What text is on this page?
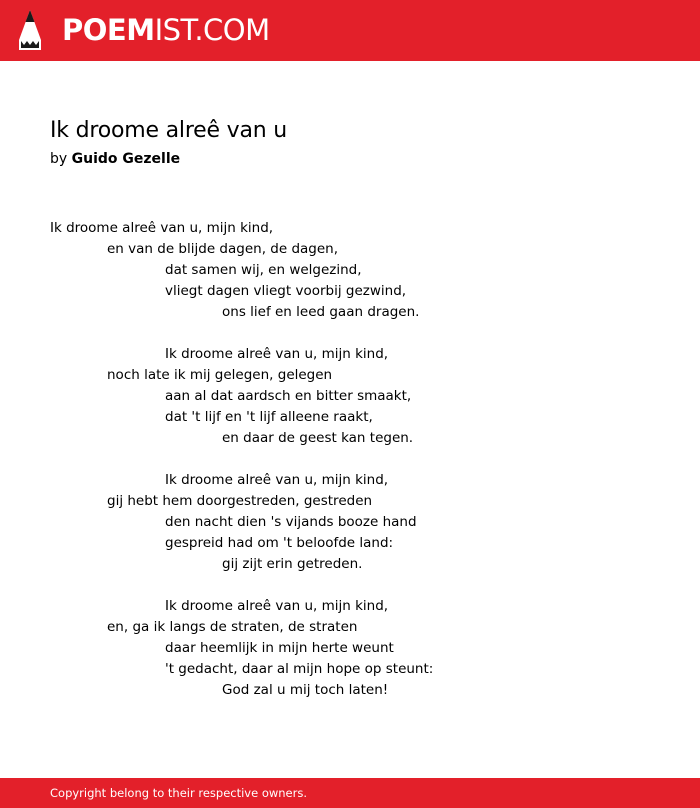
POEMIST.COM
Ik droome alreê van u
by Guido Gezelle
Ik droome alreê van u, mijn kind,
en van de blijde dagen, de dagen,
dat samen wij, en welgezind,
vliegt dagen vliegt voorbij gezwind,
ons lief en leed gaan dragen.
Ik droome alreê van u, mijn kind,
noch late ik mij gelegen, gelegen
aan al dat aardsch en bitter smaakt,
dat 't lijf en 't lijf alleene raakt,
en daar de geest kan tegen.
Ik droome alreê van u, mijn kind,
gij hebt hem doorgestreden, gestreden
den nacht dien 's vijands booze hand
gespreid had om 't beloofde land:
gij zijt erin getreden.
Ik droome alreê van u, mijn kind,
en, ga ik langs de straten, de straten
daar heemlijk in mijn herte weunt
't gedacht, daar al mijn hope op steunt:
God zal u mij toch laten!
Copyright belong to their respective owners.
